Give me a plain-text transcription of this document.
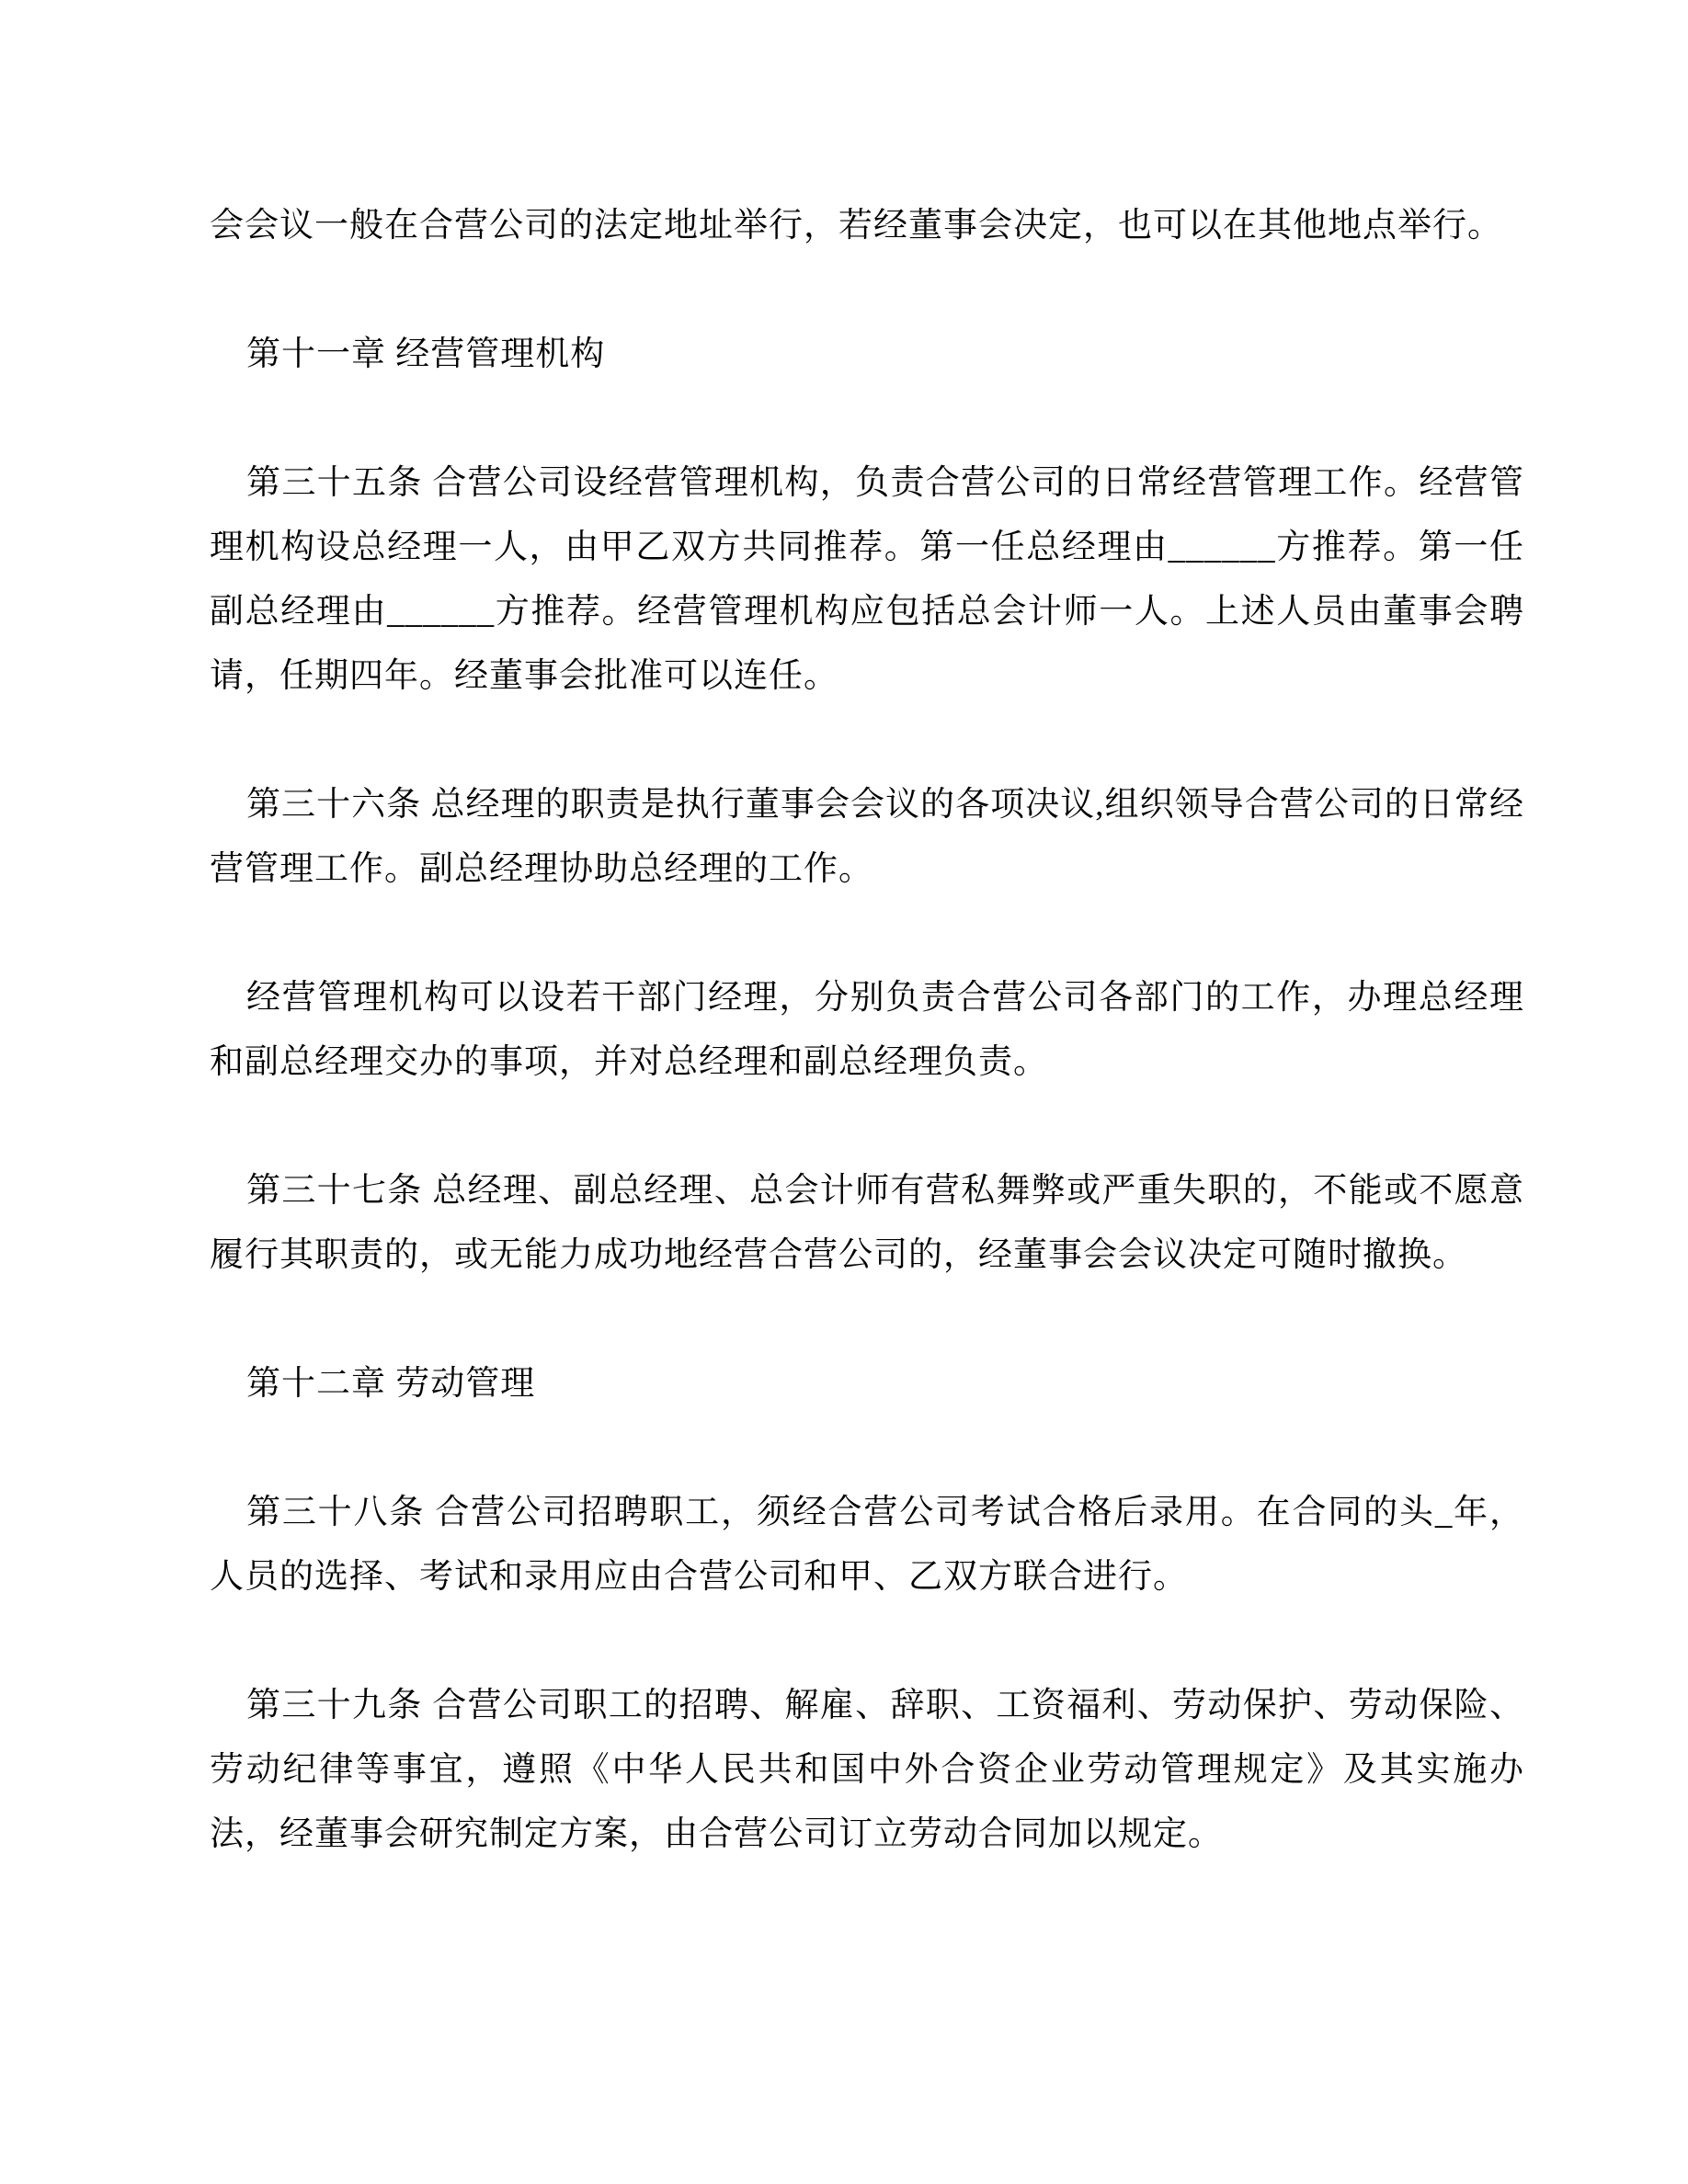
会会议一般在合营公司的法定地址举行，若经董事会决定，也可以在其他地点举行。

第十一章 经营管理机构

第三十五条 合营公司设经营管理机构，负责合营公司的日常经营管理工作。经营管理机构设总经理一人，由甲乙双方共同推荐。第一任总经理由______方推荐。第一任副总经理由______方推荐。经营管理机构应包括总会计师一人。上述人员由董事会聘请，任期四年。经董事会批准可以连任。

第三十六条 总经理的职责是执行董事会会议的各项决议,组织领导合营公司的日常经营管理工作。副总经理协助总经理的工作。

经营管理机构可以设若干部门经理，分别负责合营公司各部门的工作，办理总经理和副总经理交办的事项，并对总经理和副总经理负责。

第三十七条 总经理、副总经理、总会计师有营私舞弊或严重失职的，不能或不愿意履行其职责的，或无能力成功地经营合营公司的，经董事会会议决定可随时撤换。

第十二章 劳动管理

第三十八条 合营公司招聘职工，须经合营公司考试合格后录用。在合同的头_年，人员的选择、考试和录用应由合营公司和甲、乙双方联合进行。

第三十九条 合营公司职工的招聘、解雇、辞职、工资福利、劳动保护、劳动保险、劳动纪律等事宜，遵照《中华人民共和国中外合资企业劳动管理规定》及其实施办法，经董事会研究制定方案，由合营公司订立劳动合同加以规定。
